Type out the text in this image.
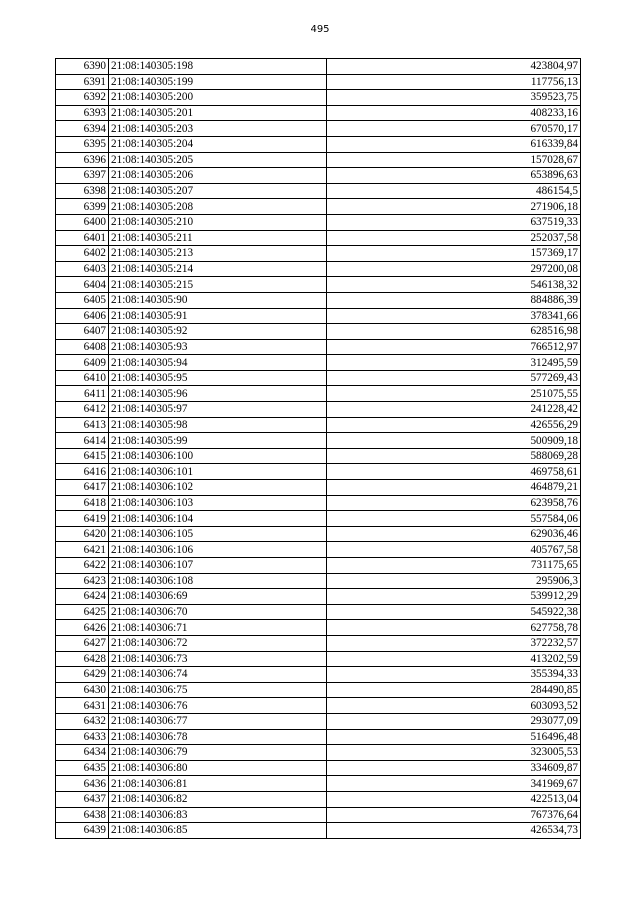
495
6390	21:08:140305:198	423804,97
6391	21:08:140305:199	117756,13
6392	21:08:140305:200	359523,75
6393	21:08:140305:201	408233,16
6394	21:08:140305:203	670570,17
6395	21:08:140305:204	616339,84
6396	21:08:140305:205	157028,67
6397	21:08:140305:206	653896,63
6398	21:08:140305:207	486154,5
6399	21:08:140305:208	271906,18
6400	21:08:140305:210	637519,33
6401	21:08:140305:211	252037,58
6402	21:08:140305:213	157369,17
6403	21:08:140305:214	297200,08
6404	21:08:140305:215	546138,32
6405	21:08:140305:90	884886,39
6406	21:08:140305:91	378341,66
6407	21:08:140305:92	628516,98
6408	21:08:140305:93	766512,97
6409	21:08:140305:94	312495,59
6410	21:08:140305:95	577269,43
6411	21:08:140305:96	251075,55
6412	21:08:140305:97	241228,42
6413	21:08:140305:98	426556,29
6414	21:08:140305:99	500909,18
6415	21:08:140306:100	588069,28
6416	21:08:140306:101	469758,61
6417	21:08:140306:102	464879,21
6418	21:08:140306:103	623958,76
6419	21:08:140306:104	557584,06
6420	21:08:140306:105	629036,46
6421	21:08:140306:106	405767,58
6422	21:08:140306:107	731175,65
6423	21:08:140306:108	295906,3
6424	21:08:140306:69	539912,29
6425	21:08:140306:70	545922,38
6426	21:08:140306:71	627758,78
6427	21:08:140306:72	372232,57
6428	21:08:140306:73	413202,59
6429	21:08:140306:74	355394,33
6430	21:08:140306:75	284490,85
6431	21:08:140306:76	603093,52
6432	21:08:140306:77	293077,09
6433	21:08:140306:78	516496,48
6434	21:08:140306:79	323005,53
6435	21:08:140306:80	334609,87
6436	21:08:140306:81	341969,67
6437	21:08:140306:82	422513,04
6438	21:08:140306:83	767376,64
6439	21:08:140306:85	426534,73
